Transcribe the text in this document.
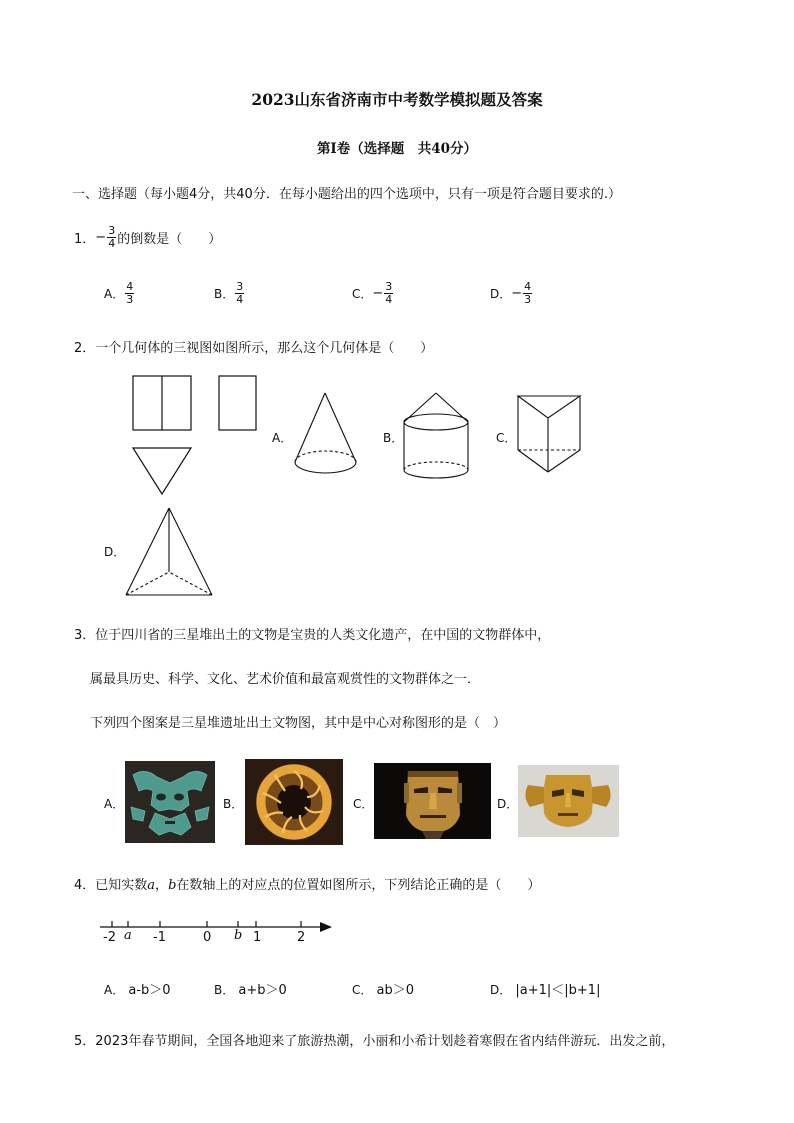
2023山东省济南市中考数学模拟题及答案
第Ⅰ卷（选择题　共40分）
一、选择题（每小题4分，共40分．在每小题给出的四个选项中，只有一项是符合题目要求的.）
1． − $\frac{3}{4}$ 的倒数是（　　）
A． $\frac{4}{3}$	B． $\frac{3}{4}$	C． − $\frac{3}{4}$	D． − $\frac{4}{3}$
2．一个几何体的三视图如图所示，那么这个几何体是（　　）
A．	B．	C．
D．
3．位于四川省的三星堆出土的文物是宝贵的人类文化遗产，在中国的文物群体中，
属最具历史、科学、文化、艺术价值和最富观赏性的文物群体之一．
下列四个图案是三星堆遗址出土文物图，其中是中心对称图形的是（　）
A．	B．	C．	D．
4．已知实数a，b在数轴上的对应点的位置如图所示，下列结论正确的是（　　）
-2 a -1	0 b 1	2
A． a-b＞0	B． a+b＞0	C． ab＞0	D． |a+1|＜|b+1|
5．2023年春节期间，全国各地迎来了旅游热潮，小丽和小希计划趁着寒假在省内结伴游玩．出发之前，
